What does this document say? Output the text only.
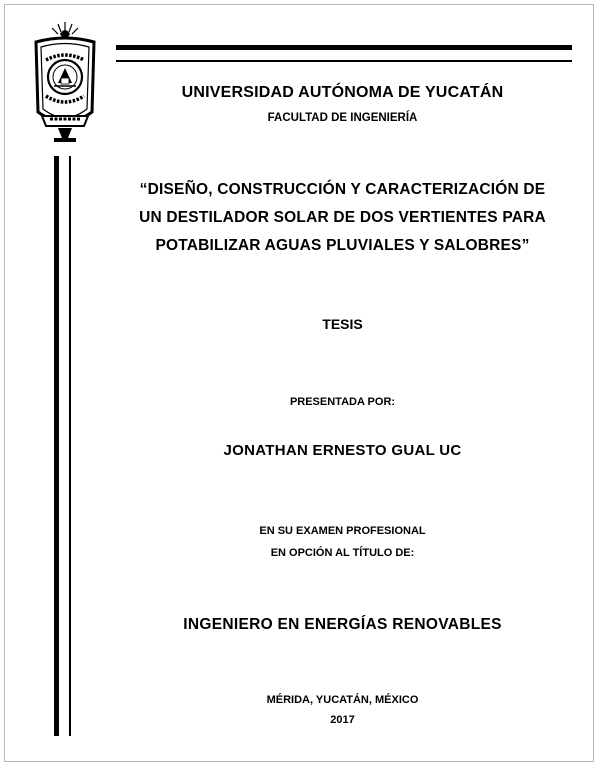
UNIVERSIDAD AUTÓNOMA DE YUCATÁN

FACULTAD DE INGENIERÍA

“DISEÑO, CONSTRUCCIÓN Y CARACTERIZACIÓN DE
UN DESTILADOR SOLAR DE DOS VERTIENTES PARA
POTABILIZAR AGUAS PLUVIALES Y SALOBRES”

TESIS

PRESENTADA POR:

JONATHAN ERNESTO GUAL UC

EN SU EXAMEN PROFESIONAL
EN OPCIÓN AL TÍTULO DE:

INGENIERO EN ENERGÍAS RENOVABLES

MÉRIDA, YUCATÁN, MÉXICO
2017
